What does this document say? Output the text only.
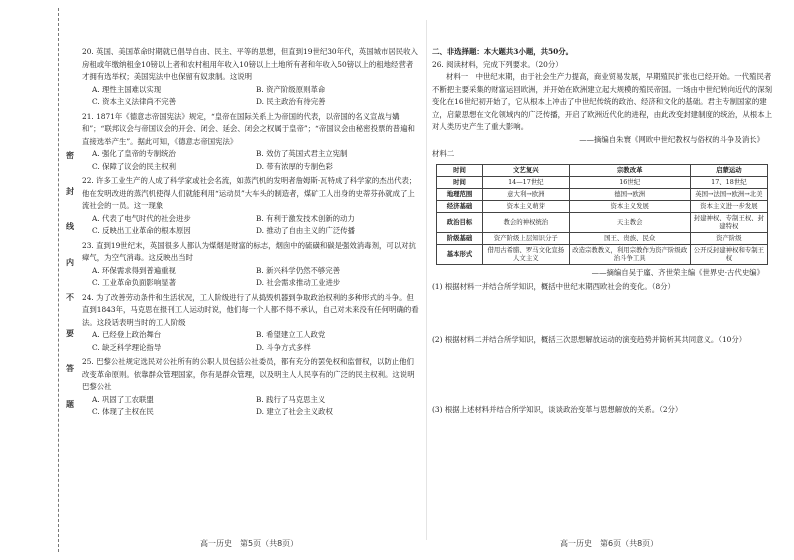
密
封
线
内
不
要
答
题
20. 英国、美国革命时期就已倡导自由、民主、平等的思想，但直到19世纪30年代，英国城市居民收入房租或年缴纳租金10镑以上者和农村租用年收入10镑以上土地所有者和年收入50镑以上的租地经营者才拥有选举权；美国宪法中也保留有奴隶制。这说明
A. 理性主国难以实现	B. 资产阶级原则革命
C. 资本主义法律尚不完善	D. 民主政治有待完善
21. 1871年《德意志帝国宪法》规定，“皇帝在国际关系上为帝国的代表，以帝国的名义宣战与媾和”；“联邦议会与帝国议会的开会、闭会、延会、闭会之权属于皇帝”；“帝国议会由秘密投票的普遍和直接选举产生”。据此可知，《德意志帝国宪法》
A. 强化了皇帝的专制统治	B. 效仿了英国式君主立宪制
C. 保障了议会的民主权利	D. 带有浓厚的专制色彩
22. 许多工业生产的人成了科学家或社会名流，如蒸汽机的发明者詹姆斯·瓦特成了科学家的杰出代表；他在发明改进的蒸汽机使得人们就能利用“运动员”大车头的制造者，煤矿工人出身的史蒂芬孙就成了上流社会的一员。这一现象
A. 代表了电气时代的社会进步	B. 有利于激发技术创新的动力
C. 反映出工业革命的根本原因	D. 推动了自由主义的广泛传播
23. 直到19世纪末，英国很多人都认为煤烟是财富的标志，烟囱中的硫磺和碳是强效消毒剂，可以对抗瘴气，为空气消毒。这反映出当时
A. 环保需求得到普遍重视	B. 新兴科学仍然不够完善
C. 工业革命负面影响显著	D. 社会需求推动工业进步
24. 为了改善劳动条件和生活状况，工人阶级进行了从捣毁机器到争取政治权利的多种形式的斗争。但直到1843年，马克思在报刊工人运动时说，他们每一个人都不得不承认，自己对未来没有任何明确的看法。这段话表明当时的工人阶级
A. 已经登上政治舞台	B. 希望建立工人政党
C. 缺乏科学理论指导	D. 斗争方式多样
25. 巴黎公社规定选民对公社所有的公职人员包括公社委员，都有充分的罢免权和监督权，以防止他们改变革命原则。依靠群众管理国家，你有是群众管理，以及明主人人民享有的广泛的民主权利。这说明巴黎公社
A. 巩固了工农联盟	B. 践行了马克思主义
C. 体现了主权在民	D. 建立了社会主义政权
高一历史　第5页（共8页）
二、非选择题：本大题共3小题，共50分。
26. 阅读材料，完成下列要求。（20分）
材料一　 中世纪末期，由于社会生产力提高，商业贸易发展，早期殖民扩张也已经开始。一代殖民者不断把主要采集的财富运回欧洲，并开始在欧洲建立起大规模的殖民帝国。一场由中世纪转向近代的深刻变化在16世纪初开始了，它从根本上冲击了中世纪传统的政治、经济和文化的基础。君主专制国家的建立，启蒙思想在文化领域内的广泛传播，开启了欧洲近代化的进程，由此改变封建制度的统治，从根本上对人类历史产生了重大影响。
——摘编自朱寰《网欧中世纪教权与俗权的斗争及消长》
材料二
时间	文艺复兴	宗教改革	启蒙运动
时间	14—17世纪	16世纪	17、18世纪
地理范围	意大利→欧洲	德国→欧洲	英国→法国→欧洲→北美
经济基础	资本主义萌芽	资本主义发展	资本主义进一步发展
政治目标	教会的神权统治	天主教会	封建神权、专制王权、封建特权
阶级基础	资产阶级上层知识分子	国王、贵族、民众	资产阶级
基本形式	借用古希腊、罗马文化宣扬人文主义	改造宗教教义，利用宗教作为资产阶级政治斗争工具	公开反封建神权和专制王权
——摘编自吴于廑、齐世荣主编《世界史·古代史编》
(1) 根据材料一并结合所学知识，概括中世纪末期西欧社会的变化。（8分）
(2) 根据材料二并结合所学知识，概括三次思想解放运动的演变趋势并简析其共同意义。（10分）
(3) 根据上述材料并结合所学知识，谈谈政治变革与思想解放的关系。（2分）
高一历史　第6页（共8页）
